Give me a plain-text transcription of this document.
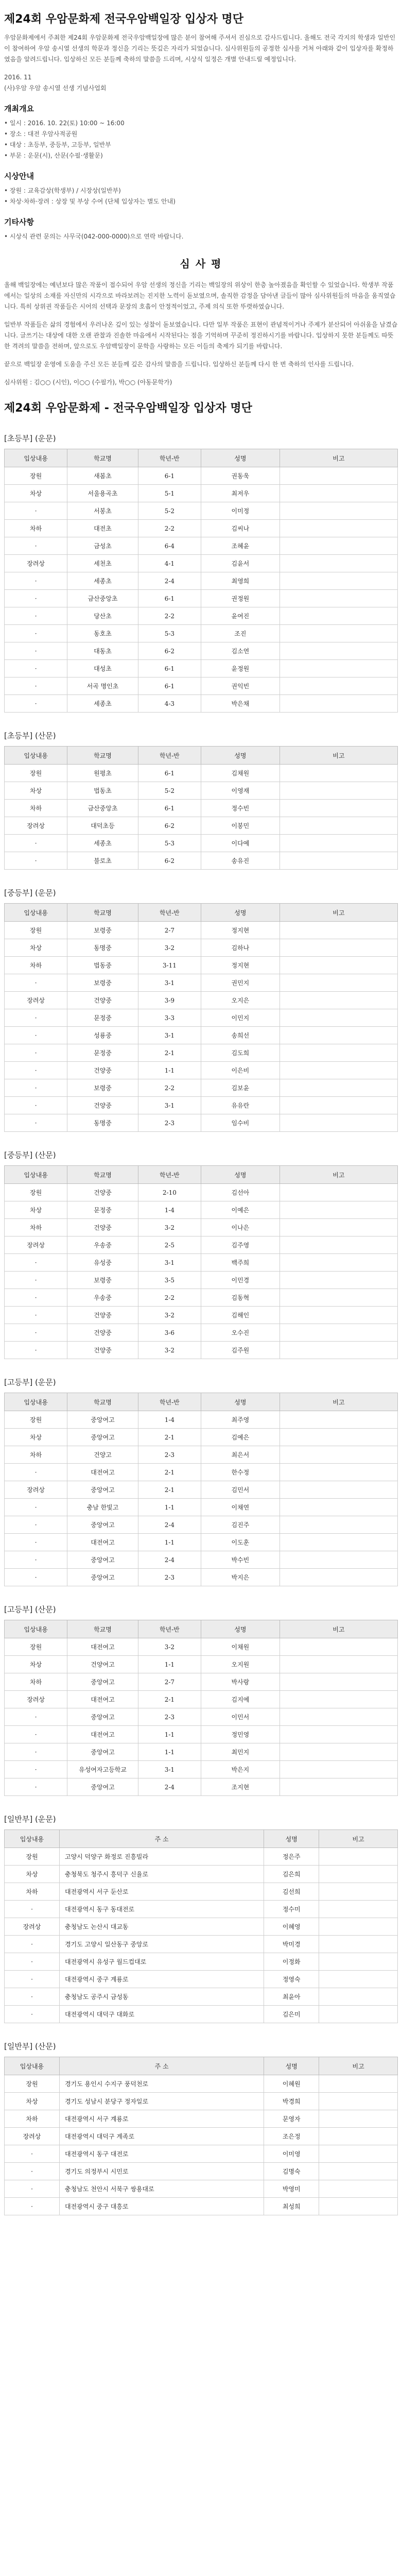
제24회 우암문화제 전국우암백일장 입상자 명단

우암문화제에서 주최한 제24회 우암문화제 전국우암백일장에 많은 분이 참여해 주셔서 진심으로 감사드립니다. 올해도 전국 각지의 학생과 일반인이 참여하여 우암 송시열 선생의 학문과 정신을 기리는 뜻깊은 자리가 되었습니다. 심사위원들의 공정한 심사를 거쳐 아래와 같이 입상자를 확정하였음을 알려드립니다. 입상하신 모든 분들께 축하의 말씀을 드리며, 시상식 일정은 개별 안내드릴 예정입니다.

2016. 11
(사)우암 우암 송시열 선생 기념사업회
개최개요
• 일시 : 2016. 10. 22(토) 10:00 ~ 16:00
• 장소 : 대전 우암사적공원
• 대상 : 초등부, 중등부, 고등부, 일반부
• 부문 : 운문(시), 산문(수필·생활문)
시상안내
• 장원 : 교육감상(학생부) / 시장상(일반부)
• 차상·차하·장려 : 상장 및 부상 수여 (단체 입상자는 별도 안내)
기타사항
• 시상식 관련 문의는 사무국(042-000-0000)으로 연락 바랍니다.
심 사 평

올해 백일장에는 예년보다 많은 작품이 접수되어 우암 선생의 정신을 기리는 백일장의 위상이 한층 높아졌음을 확인할 수 있었습니다. 학생부 작품에서는 일상의 소재를 자신만의 시각으로 바라보려는 진지한 노력이 돋보였으며, 솔직한 감정을 담아낸 글들이 많아 심사위원들의 마음을 움직였습니다. 특히 상위권 작품들은 시어의 선택과 문장의 호흡이 안정적이었고, 주제 의식 또한 뚜렷하였습니다.

일반부 작품들은 삶의 경험에서 우러나온 깊이 있는 성찰이 돋보였습니다. 다만 일부 작품은 표현이 관념적이거나 주제가 분산되어 아쉬움을 남겼습니다. 글쓰기는 대상에 대한 오랜 관찰과 진솔한 마음에서 시작된다는 점을 기억하며 꾸준히 정진하시기를 바랍니다. 입상하지 못한 분들께도 따뜻한 격려의 말씀을 전하며, 앞으로도 우암백일장이 문학을 사랑하는 모든 이들의 축제가 되기를 바랍니다.

끝으로 백일장 운영에 도움을 주신 모든 분들께 깊은 감사의 말씀을 드립니다. 입상하신 분들께 다시 한 번 축하의 인사를 드립니다.

심사위원 : 김○○ (시인), 이○○ (수필가), 박○○ (아동문학가)
제24회 우암문화제 - 전국우암백일장 입상자 명단
[초등부] (운문)
입상내용	학교명	학년-반	성명	비고
장원	새봄초	6-1	권동욱	
차상	서울용곡초	5-1	최저우	
·	서봉초	5-2	이미정	
차하	대전초	2-2	김씨나	
·	금성초	6-4	조혜윤	
장려상	세천초	4-1	김윤서	
·	세종초	2-4	최영희	
·	금산중앙초	6-1	권정원	
·	당산초	2-2	윤여진	
·	동호초	5-3	조진	
·	대동초	6-2	김소연	
·	대성초	6-1	윤정원	
·	서곡 명인초	6-1	권익빈	
·	세종초	4-3	박은채	
[초등부] (산문)
입상내용	학교명	학년-반	성명	비고
장원	원평초	6-1	김채원	
차상	법동초	5-2	이영재	
차하	금산중앙초	6-1	정수빈	
장려상	대덕초등	6-2	이봉민	
·	세종초	5-3	이다예	
·	불로초	6-2	송유진	
[중등부] (운문)
입상내용	학교명	학년-반	성명	비고
장원	보령중	2-7	정지현	
차상	동명중	3-2	김하나	
차하	법동중	3-11	정지현	
·	보령중	3-1	권민지	
장려상	건양중	3-9	오지은	
·	문정중	3-3	이민지	
·	성룡중	3-1	송희선	
·	문정중	2-1	김도희	
·	건양중	1-1	이은비	
·	보령중	2-2	김보윤	
·	건양중	3-1	유유란	
·	동명중	2-3	임수비	
[중등부] (산문)
입상내용	학교명	학년-반	성명	비고
장원	건양중	2-10	김선아	
차상	문정중	1-4	이예은	
차하	건양중	3-2	이나은	
장려상	우송중	2-5	김주영	
·	유성중	3-1	백주희	
·	보령중	3-5	이민경	
·	우송중	2-2	김동혁	
·	건양중	3-2	김해인	
·	건양중	3-6	오수진	
·	건양중	3-2	김주원	
[고등부] (운문)
입상내용	학교명	학년-반	성명	비고
장원	중앙여고	1-4	최주영	
차상	중앙여고	2-1	김예은	
차하	건양고	2-3	최은서	
·	대전여고	2-1	한수정	
장려상	중앙여고	2-1	김민서	
·	충남 한빛고	1-1	이채연	
·	중앙여고	2-4	김진주	
·	대전여고	1-1	이도훈	
·	중앙여고	2-4	박수빈	
·	중앙여고	2-3	박지은	
[고등부] (산문)
입상내용	학교명	학년-반	성명	비고
장원	대전여고	3-2	이채원	
차상	건양여고	1-1	오지원	
차하	중앙여고	2-7	박사랑	
장려상	대전여고	2-1	김지예	
·	중앙여고	2-3	이민서	
·	대전여고	1-1	정민영	
·	중앙여고	1-1	최민지	
·	유성여자고등학교	3-1	박은지	
·	중앙여고	2-4	조지현	
[일반부] (운문)
입상내용	주 소	성명	비고
장원	고양시 덕양구 화정로 진흥빌라	정은주	
차상	충청북도 청주시 흥덕구 신율로	김은희	
차하	대전광역시 서구 둔산로	김선희	
·	대전광역시 동구 동대전로	정수미	
장려상	충청남도 논산시 대교동	이혜영	
·	경기도 고양시 일산동구 중앙로	박미경	
·	대전광역시 유성구 월드컵대로	이정화	
·	대전광역시 중구 계룡로	정영숙	
·	충청남도 공주시 금성동	최윤아	
·	대전광역시 대덕구 대화로	김은미	
[일반부] (산문)
입상내용	주 소	성명	비고
장원	경기도 용인시 수지구 풍덕천로	이혜원	
차상	경기도 성남시 분당구 정자일로	박경희	
차하	대전광역시 서구 계룡로	문영자	
장려상	대전광역시 대덕구 계족로	조은정	
·	대전광역시 동구 대전로	이미영	
·	경기도 의정부시 시민로	김명숙	
·	충청남도 천안시 서북구 쌍용대로	박영미	
·	대전광역시 중구 대흥로	최성희	
